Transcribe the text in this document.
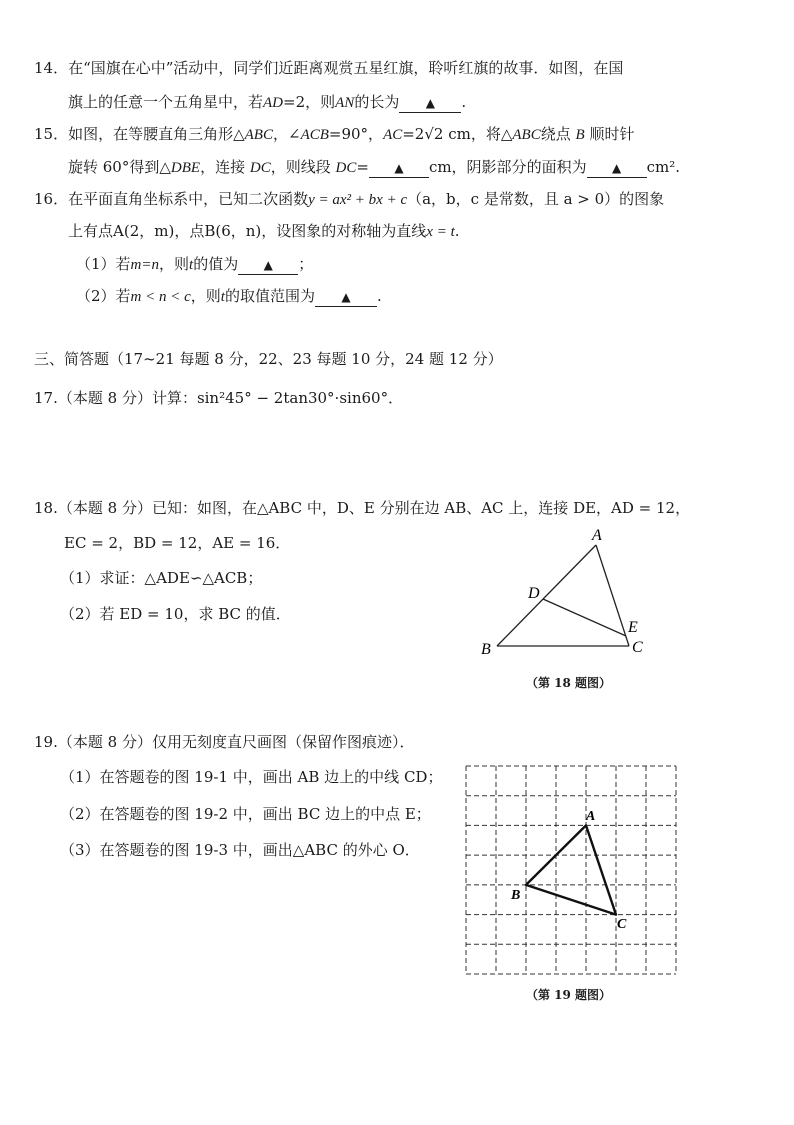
14．在“国旗在心中”活动中，同学们近距离观赏五星红旗，聆听红旗的故事．如图，在国
旗上的任意一个五角星中，若AD=2，则AN的长为 ▲ .
15．如图，在等腰直角三角形△ABC，∠ACB=90°，AC=2√2 cm，将△ABC绕点 B 顺时针
旋转 60°得到△DBE，连接 DC，则线段 DC= ▲ cm，阴影部分的面积为 ▲ cm².
16．在平面直角坐标系中，已知二次函数y = ax² + bx + c（a，b，c 是常数，且 a > 0）的图象
上有点A(2，m)，点B(6，n)，设图象的对称轴为直线x = t.
（1）若m=n，则t的值为 ▲ ；
（2）若m < n < c，则t的取值范围为 ▲ .
三、简答题（17~21 每题 8 分，22、23 每题 10 分，24 题 12 分）
17.（本题 8 分）计算：sin²45° − 2tan30°·sin60°．
18.（本题 8 分）已知：如图，在△ABC 中，D、E 分别在边 AB、AC 上，连接 DE，AD = 12，
EC = 2，BD = 12，AE = 16．
（1）求证：△ADE∽△ACB；
（2）若 ED = 10，求 BC 的值．
A
D
E
B	C
（第 18 题图）
19.（本题 8 分）仅用无刻度直尺画图（保留作图痕迹）．
（1）在答题卷的图 19-1 中，画出 AB 边上的中线 CD；
（2）在答题卷的图 19-2 中，画出 BC 边上的中点 E；
（3）在答题卷的图 19-3 中，画出△ABC 的外心 O．
A
B
C
（第 19 题图）
